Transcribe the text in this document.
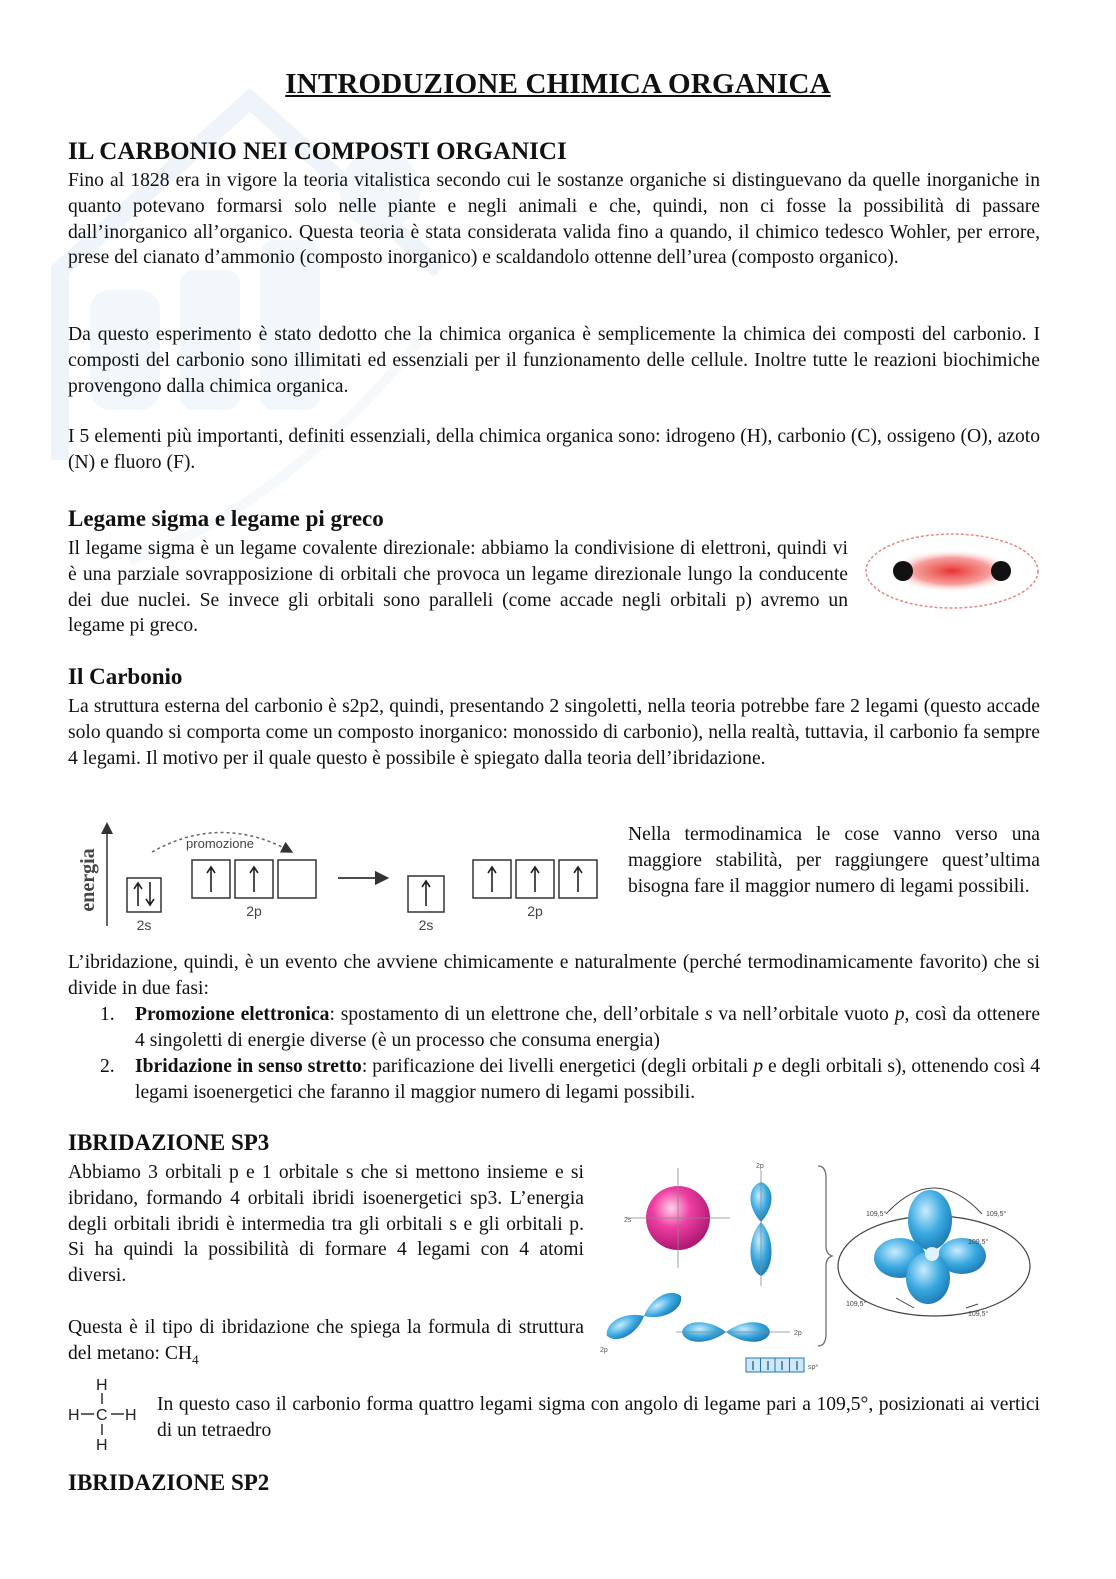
INTRODUZIONE CHIMICA ORGANICA
IL CARBONIO NEI COMPOSTI ORGANICI

Fino al 1828 era in vigore la teoria vitalistica secondo cui le sostanze organiche si distinguevano da quelle inorganiche in quanto potevano formarsi solo nelle piante e negli animali e che, quindi, non ci fosse la possibilità di passare dall’inorganico all’organico. Questa teoria è stata considerata valida fino a quando, il chimico tedesco Wohler, per errore, prese del cianato d’ammonio (composto inorganico) e scaldandolo ottenne dell’urea (composto organico).

Da questo esperimento è stato dedotto che la chimica organica è semplicemente la chimica dei composti del carbonio. I composti del carbonio sono illimitati ed essenziali per il funzionamento delle cellule. Inoltre tutte le reazioni biochimiche provengono dalla chimica organica.

I 5 elementi più importanti, definiti essenziali, della chimica organica sono: idrogeno (H), carbonio (C), ossigeno (O), azoto (N) e fluoro (F).

Legame sigma e legame pi greco

Il legame sigma è un legame covalente direzionale: abbiamo la condivisione di elettroni, quindi vi è una parziale sovrapposizione di orbitali che provoca un legame direzionale lungo la conducente dei due nuclei. Se invece gli orbitali sono paralleli (come accade negli orbitali p) avremo un legame pi greco.

Il Carbonio

La struttura esterna del carbonio è s2p2, quindi, presentando 2 singoletti, nella teoria potrebbe fare 2 legami (questo accade solo quando si comporta come un composto inorganico: monossido di carbonio), nella realtà, tuttavia, il carbonio fa sempre 4 legami. Il motivo per il quale questo è possibile è spiegato dalla teoria dell’ibridazione.

energia
promozione
2s
2p
2s
2p

Nella termodinamica le cose vanno verso una maggiore stabilità, per raggiungere quest’ultima bisogna fare il maggior numero di legami possibili.

L’ibridazione, quindi, è un evento che avviene chimicamente e naturalmente (perché termodinamicamente favorito) che si divide in due fasi:

1.	Promozione elettronica: spostamento di un elettrone che, dell’orbitale s va nell’orbitale vuoto p, così da ottenere 4 singoletti di energie diverse (è un processo che consuma energia)
2.	Ibridazione in senso stretto: parificazione dei livelli energetici (degli orbitali p e degli orbitali s), ottenendo così 4 legami isoenergetici che faranno il maggior numero di legami possibili.
IBRIDAZIONE SP3

Abbiamo 3 orbitali p e 1 orbitale s che si mettono insieme e si ibridano, formando 4 orbitali ibridi isoenergetici sp3. L’energia degli orbitali ibridi è intermedia tra gli orbitali s e gli orbitali p. Si ha quindi la possibilità di formare 4 legami con 4 atomi diversi.

Questa è il tipo di ibridazione che spiega la formula di struttura del metano: $CH_4$

2s
2p
2p
2p
sp³
109,5°	109,5°
109,5°
109,5°
109,5°
H
H C H
H

In questo caso il carbonio forma quattro legami sigma con angolo di legame pari a 109,5°, posizionati ai vertici di un tetraedro

IBRIDAZIONE SP2
